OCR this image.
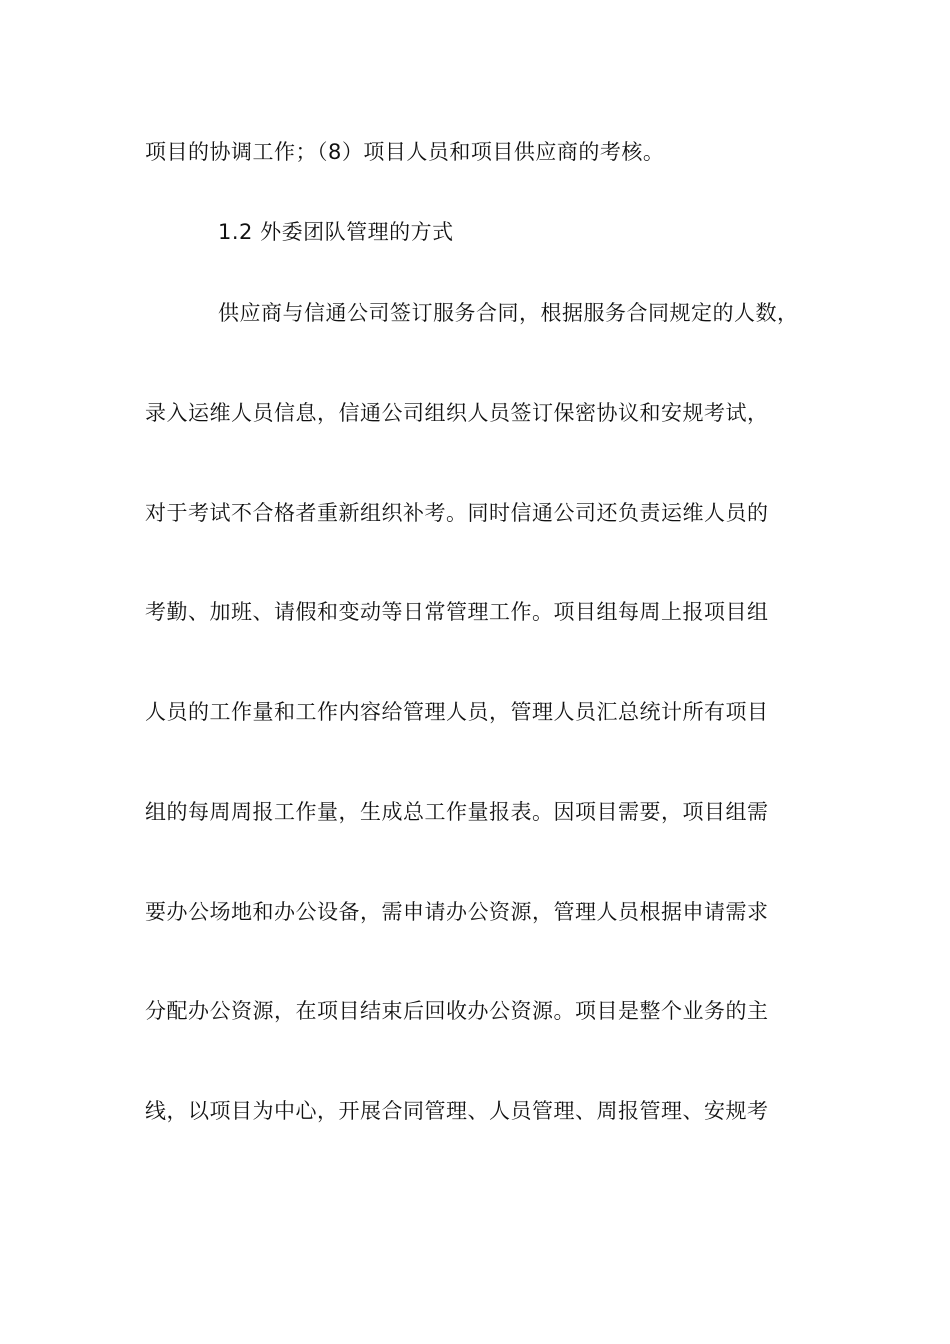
项目的协调工作；（8）项目人员和项目供应商的考核。
1.2 外委团队管理的方式
供应商与信通公司签订服务合同，根据服务合同规定的人数，
录入运维人员信息，信通公司组织人员签订保密协议和安规考试，
对于考试不合格者重新组织补考。同时信通公司还负责运维人员的
考勤、加班、请假和变动等日常管理工作。项目组每周上报项目组
人员的工作量和工作内容给管理人员，管理人员汇总统计所有项目
组的每周周报工作量，生成总工作量报表。因项目需要，项目组需
要办公场地和办公设备，需申请办公资源，管理人员根据申请需求
分配办公资源，在项目结束后回收办公资源。项目是整个业务的主
线，以项目为中心，开展合同管理、人员管理、周报管理、安规考
